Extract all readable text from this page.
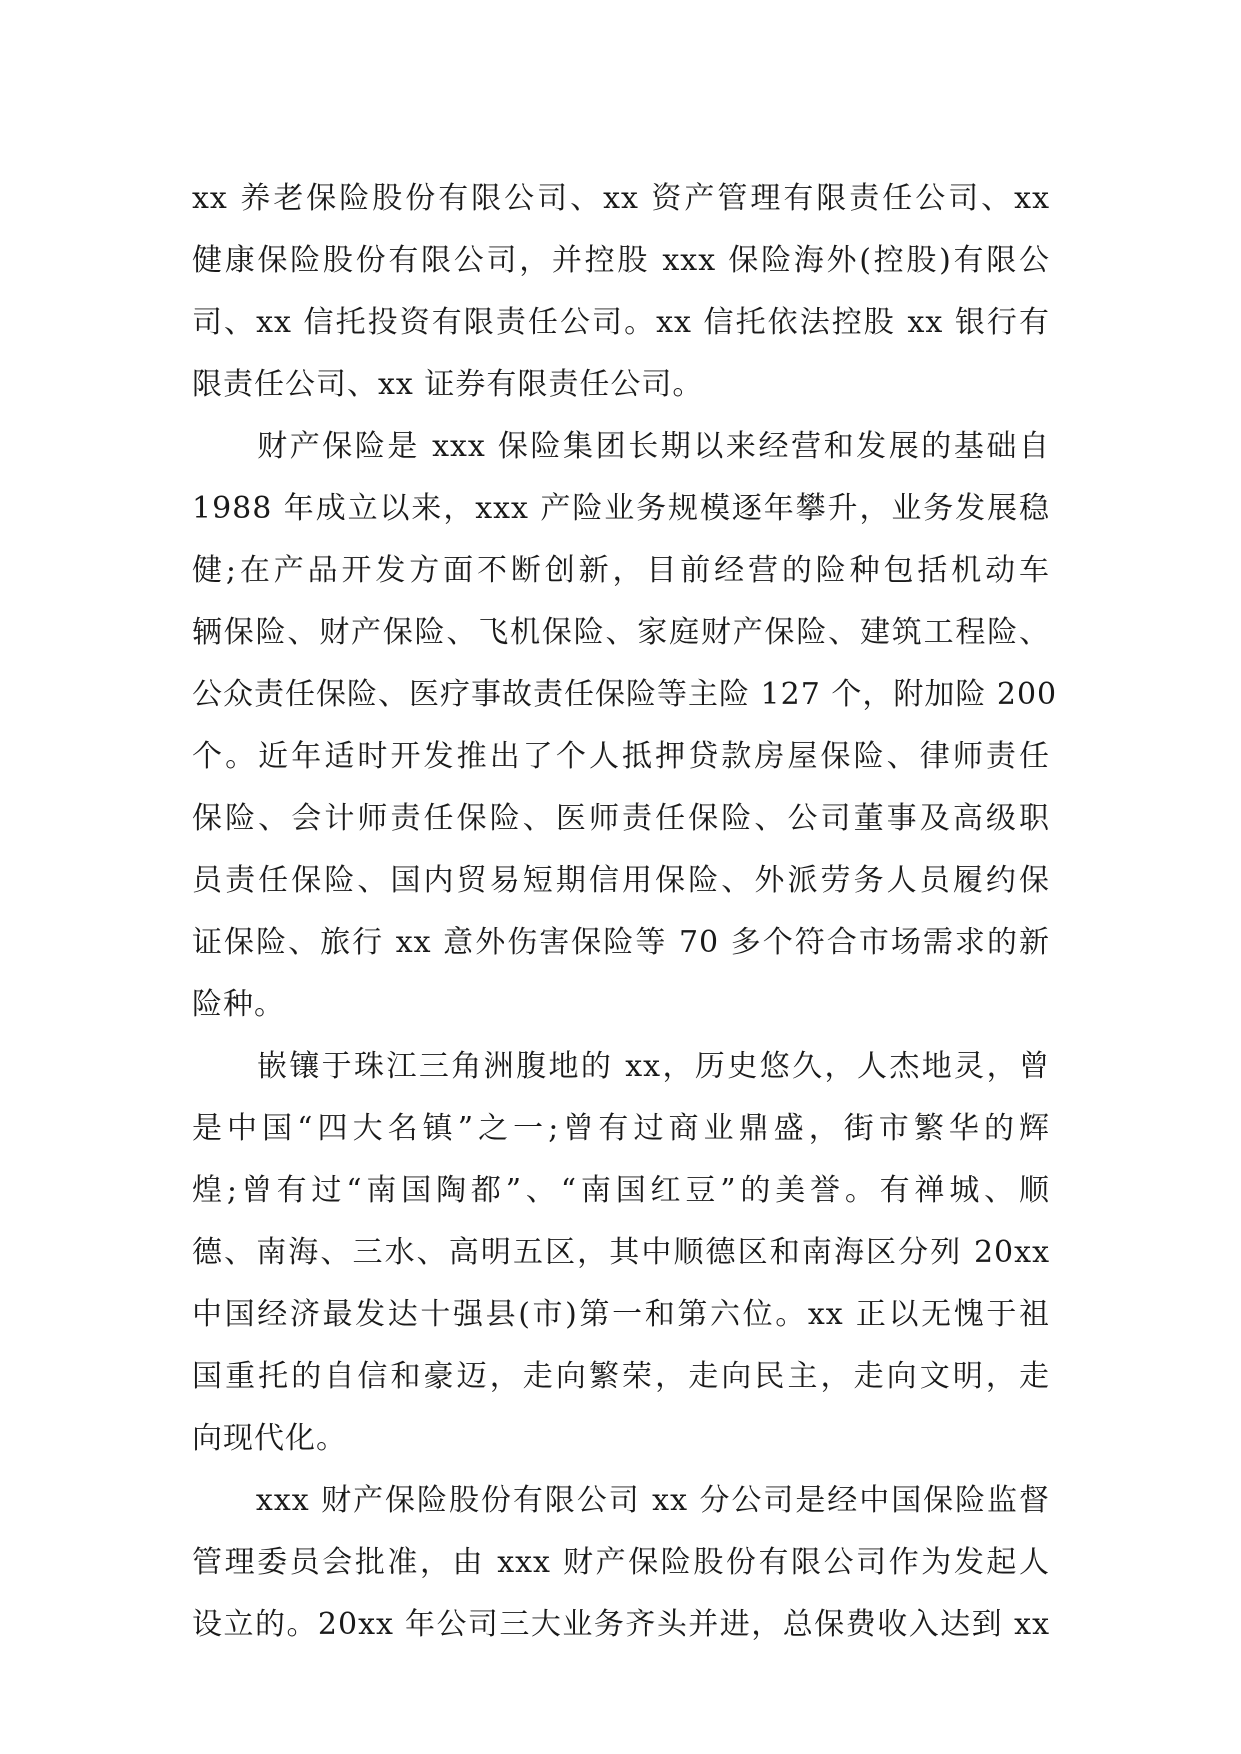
xx 养老保险股份有限公司、xx 资产管理有限责任公司、xx
健康保险股份有限公司，并控股 xxx 保险海外(控股)有限公
司、xx 信托投资有限责任公司。xx 信托依法控股 xx 银行有
限责任公司、xx 证券有限责任公司。
　　财产保险是 xxx 保险集团长期以来经营和发展的基础自
1988 年成立以来，xxx 产险业务规模逐年攀升，业务发展稳
健;在产品开发方面不断创新，目前经营的险种包括机动车
辆保险、财产保险、飞机保险、家庭财产保险、建筑工程险、
公众责任保险、医疗事故责任保险等主险 127 个，附加险 200
个。近年适时开发推出了个人抵押贷款房屋保险、律师责任
保险、会计师责任保险、医师责任保险、公司董事及高级职
员责任保险、国内贸易短期信用保险、外派劳务人员履约保
证保险、旅行 xx 意外伤害保险等 70 多个符合市场需求的新
险种。
　　嵌镶于珠江三角洲腹地的 xx，历史悠久，人杰地灵，曾
是中国“四大名镇”之一;曾有过商业鼎盛，街市繁华的辉
煌;曾有过“南国陶都”、“南国红豆”的美誉。有禅城、顺
德、南海、三水、高明五区，其中顺德区和南海区分列 20xx
中国经济最发达十强县(市)第一和第六位。xx 正以无愧于祖
国重托的自信和豪迈，走向繁荣，走向民主，走向文明，走
向现代化。
　　xxx 财产保险股份有限公司 xx 分公司是经中国保险监督
管理委员会批准，由 xxx 财产保险股份有限公司作为发起人
设立的。20xx 年公司三大业务齐头并进，总保费收入达到 xx
